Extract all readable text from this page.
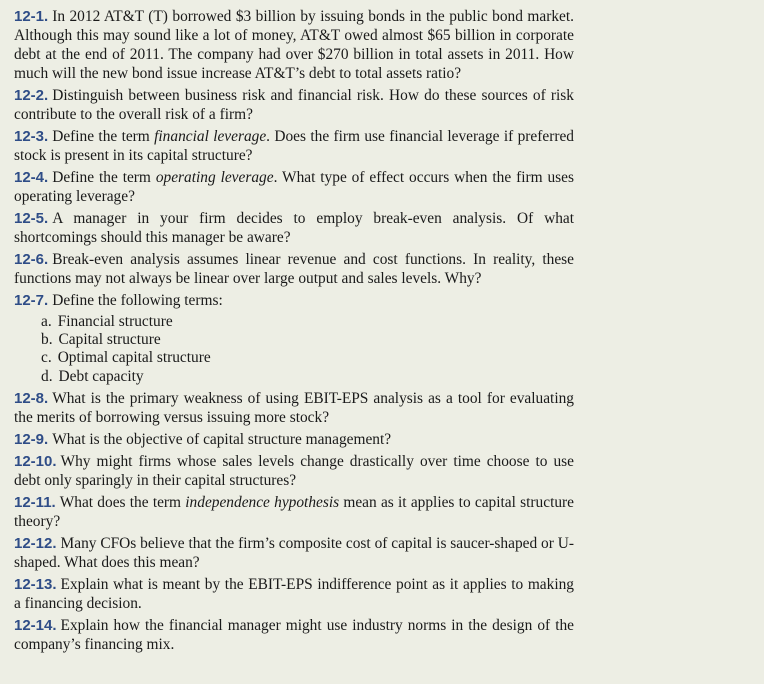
12-1. In 2012 AT&T (T) borrowed $3 billion by issuing bonds in the public bond market. Although this may sound like a lot of money, AT&T owed almost $65 billion in corporate debt at the end of 2011. The company had over $270 billion in total assets in 2011. How much will the new bond issue increase AT&T’s debt to total assets ratio?

12-2. Distinguish between business risk and financial risk. How do these sources of risk contribute to the overall risk of a firm?

12-3. Define the term financial leverage. Does the firm use financial leverage if preferred stock is present in its capital structure?

12-4. Define the term operating leverage. What type of effect occurs when the firm uses operating leverage?

12-5. A manager in your firm decides to employ break-even analysis. Of what shortcomings should this manager be aware?

12-6. Break-even analysis assumes linear revenue and cost functions. In reality, these functions may not always be linear over large output and sales levels. Why?

12-7. Define the following terms:

a. Financial structure
b. Capital structure
c. Optimal capital structure
d. Debt capacity

12-8. What is the primary weakness of using EBIT-EPS analysis as a tool for evaluating the merits of borrowing versus issuing more stock?

12-9. What is the objective of capital structure management?

12-10. Why might firms whose sales levels change drastically over time choose to use debt only sparingly in their capital structures?

12-11. What does the term independence hypothesis mean as it applies to capital structure theory?

12-12. Many CFOs believe that the firm’s composite cost of capital is saucer-shaped or U-shaped. What does this mean?

12-13. Explain what is meant by the EBIT-EPS indifference point as it applies to making a financing decision.

12-14. Explain how the financial manager might use industry norms in the design of the company’s financing mix.
